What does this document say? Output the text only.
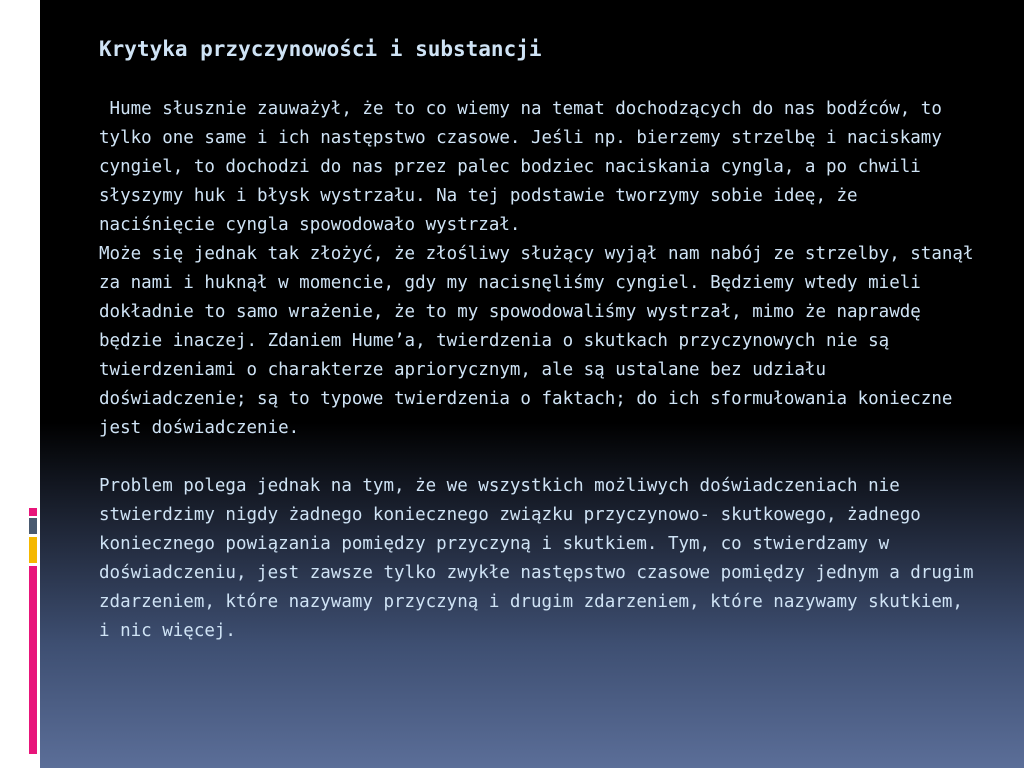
Krytyka przyczynowości i substancji

Hume słusznie zauważył, że to co wiemy na temat dochodzących do nas bodźców, to tylko one same i ich następstwo czasowe. Jeśli np. bierzemy strzelbę i naciskamy cyngiel, to dochodzi do nas przez palec bodziec naciskania cyngla, a po chwili słyszymy huk i błysk wystrzału. Na tej podstawie tworzymy sobie ideę, że naciśnięcie cyngla spowodowało wystrzał.

Może się jednak tak złożyć, że złośliwy służący wyjął nam nabój ze strzelby, stanął za nami i huknął w momencie, gdy my nacisnęliśmy cyngiel. Będziemy wtedy mieli dokładnie to samo wrażenie, że to my spowodowaliśmy wystrzał, mimo że naprawdę będzie inaczej. Zdaniem Hume’a, twierdzenia o skutkach przyczynowych nie są twierdzeniami o charakterze apriorycznym, ale są ustalane bez udziału doświadczenie; są to typowe twierdzenia o faktach; do ich sformułowania konieczne jest doświadczenie.

Problem polega jednak na tym, że we wszystkich możliwych doświadczeniach nie stwierdzimy nigdy żadnego koniecznego związku przyczynowo- skutkowego, żadnego koniecznego powiązania pomiędzy przyczyną i skutkiem. Tym, co stwierdzamy w doświadczeniu, jest zawsze tylko zwykłe następstwo czasowe pomiędzy jednym a drugim zdarzeniem, które nazywamy przyczyną i drugim zdarzeniem, które nazywamy skutkiem, i nic więcej.
